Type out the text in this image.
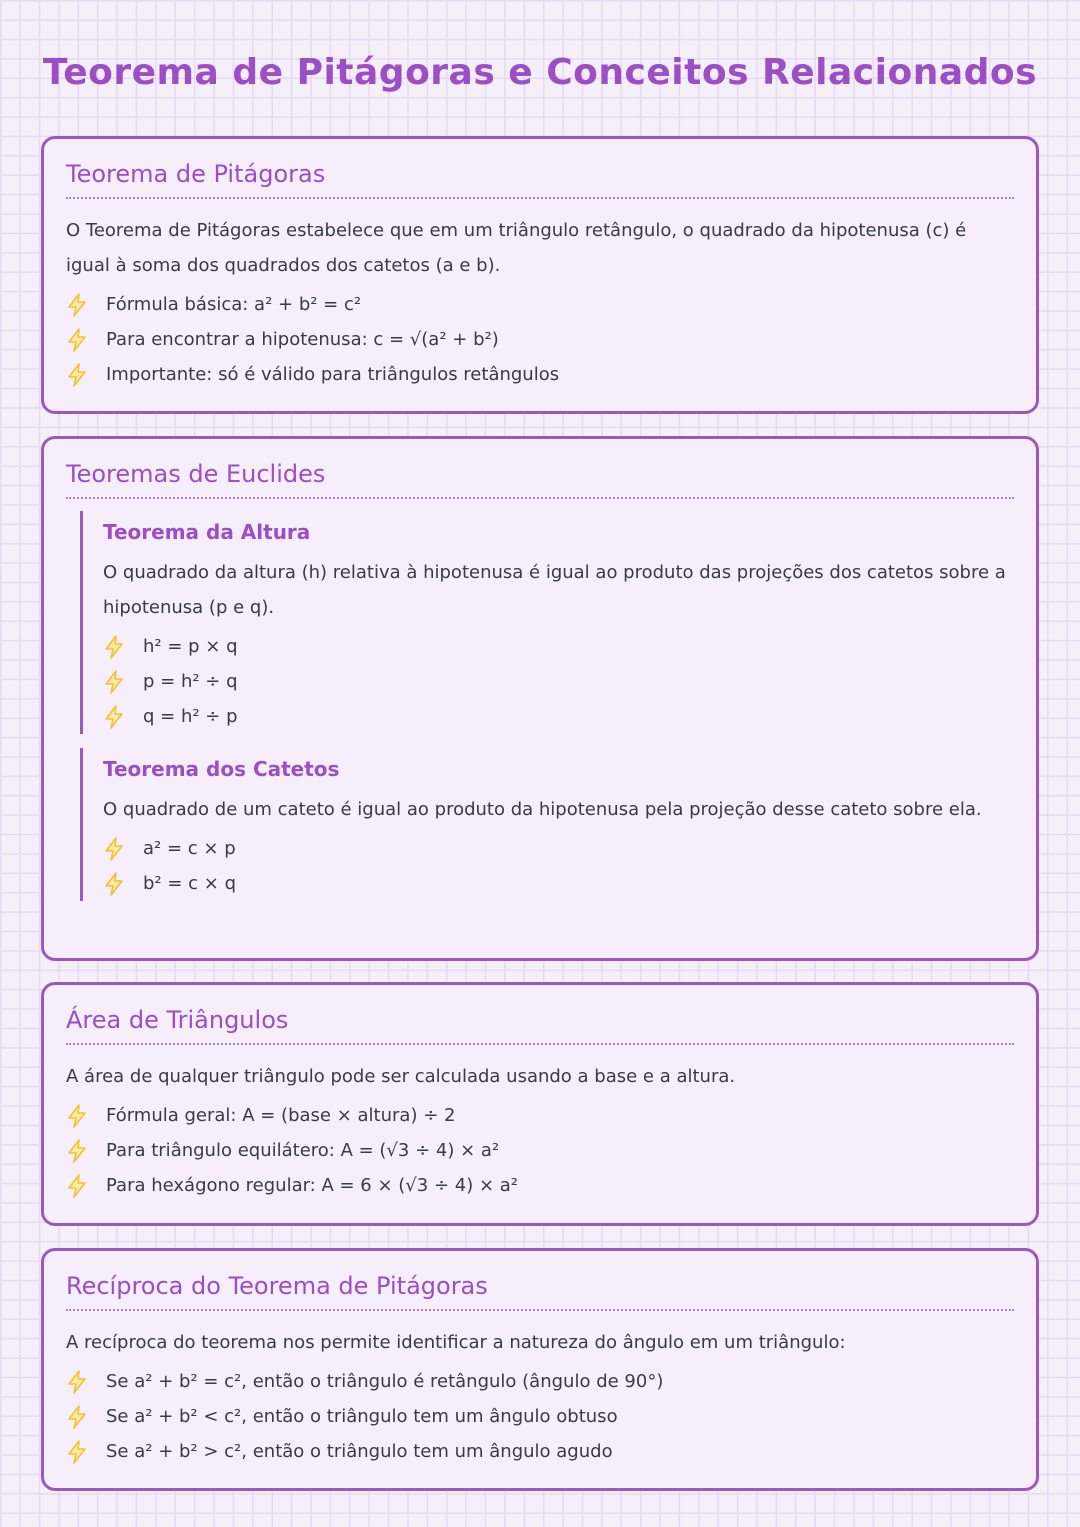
Teorema de Pitágoras e Conceitos Relacionados
Teorema de Pitágoras

O Teorema de Pitágoras estabelece que em um triângulo retângulo, o quadrado da hipotenusa (c) é igual à soma dos quadrados dos catetos (a e b).

Fórmula básica: a² + b² = c²
Para encontrar a hipotenusa: c = √(a² + b²)
Importante: só é válido para triângulos retângulos
Teoremas de Euclides
Teorema da Altura

O quadrado da altura (h) relativa à hipotenusa é igual ao produto das projeções dos catetos sobre a hipotenusa (p e q).

h² = p × q
p = h² ÷ q
q = h² ÷ p
Teorema dos Catetos

O quadrado de um cateto é igual ao produto da hipotenusa pela projeção desse cateto sobre ela.

a² = c × p
b² = c × q
Área de Triângulos

A área de qualquer triângulo pode ser calculada usando a base e a altura.

Fórmula geral: A = (base × altura) ÷ 2
Para triângulo equilátero: A = (√3 ÷ 4) × a²
Para hexágono regular: A = 6 × (√3 ÷ 4) × a²
Recíproca do Teorema de Pitágoras

A recíproca do teorema nos permite identificar a natureza do ângulo em um triângulo:

Se a² + b² = c², então o triângulo é retângulo (ângulo de 90°)
Se a² + b² < c², então o triângulo tem um ângulo obtuso
Se a² + b² > c², então o triângulo tem um ângulo agudo
